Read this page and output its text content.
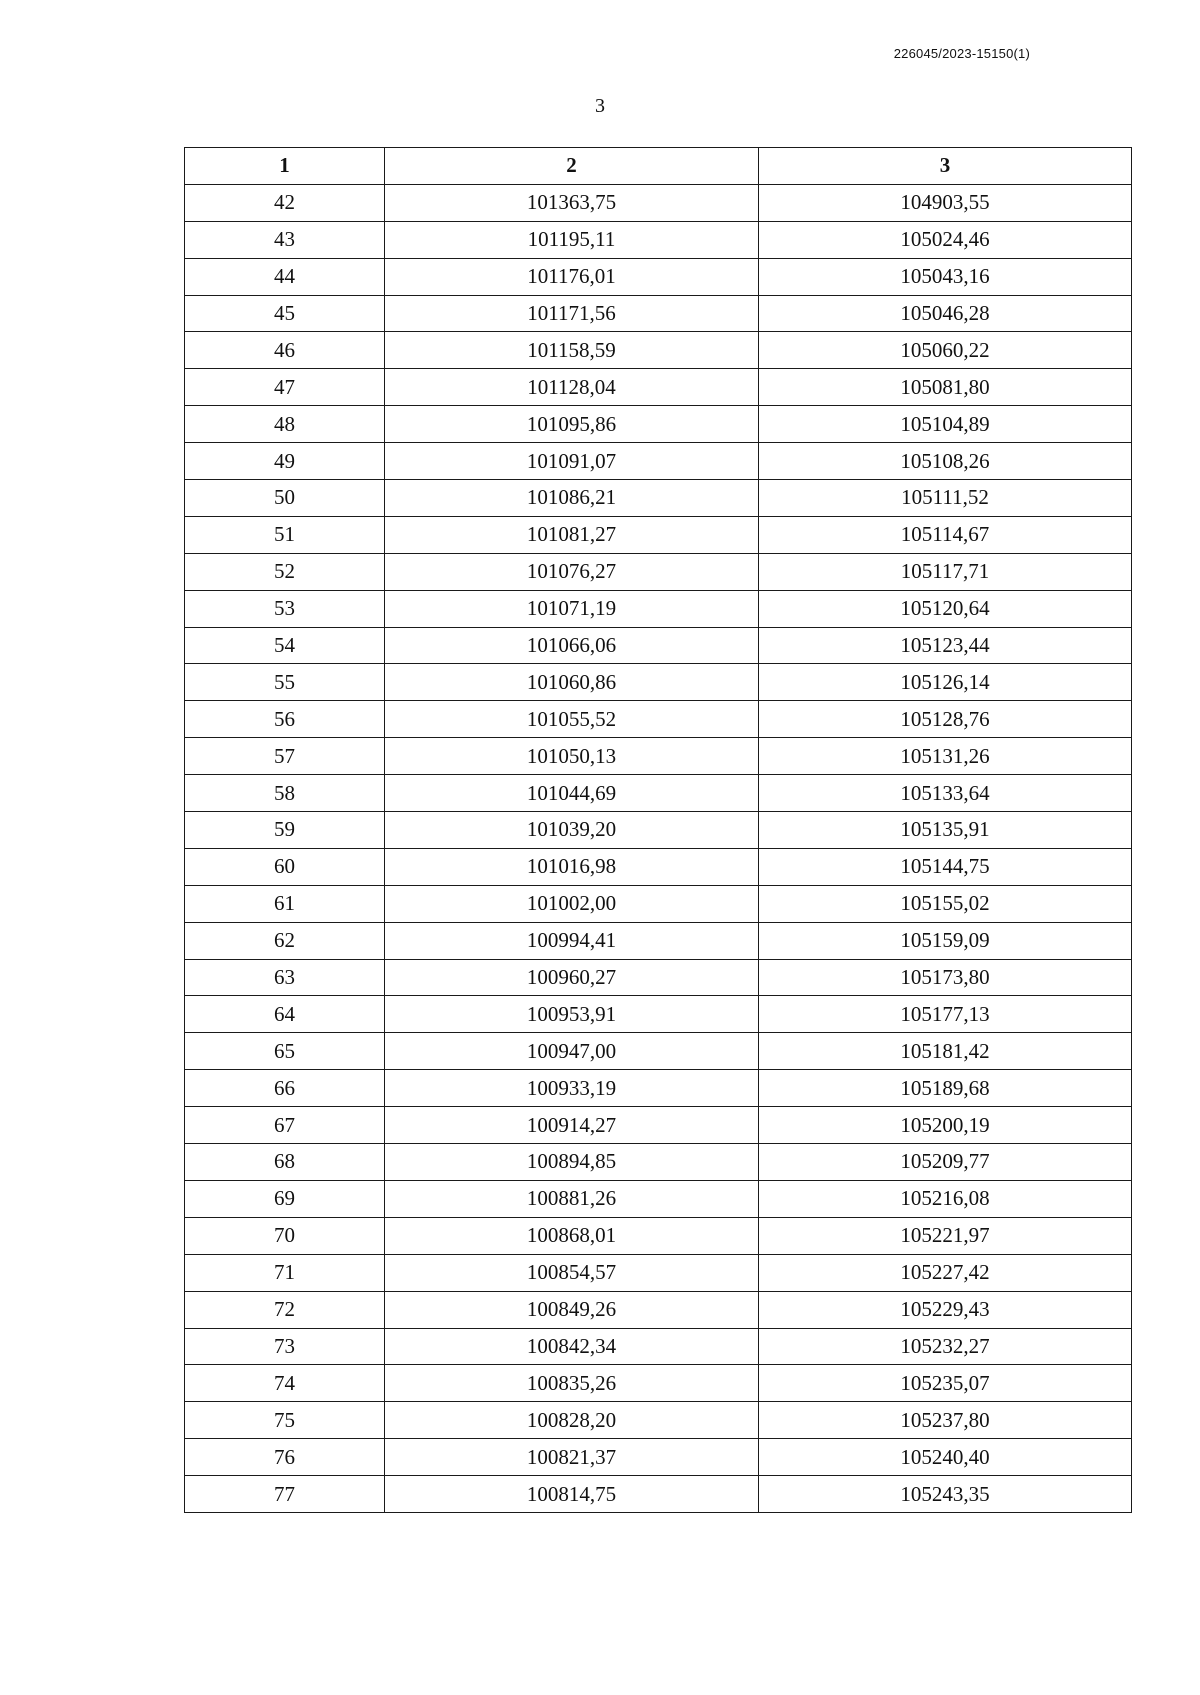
226045/2023-15150(1)
3
1	2	3
42	101363,75	104903,55
43	101195,11	105024,46
44	101176,01	105043,16
45	101171,56	105046,28
46	101158,59	105060,22
47	101128,04	105081,80
48	101095,86	105104,89
49	101091,07	105108,26
50	101086,21	105111,52
51	101081,27	105114,67
52	101076,27	105117,71
53	101071,19	105120,64
54	101066,06	105123,44
55	101060,86	105126,14
56	101055,52	105128,76
57	101050,13	105131,26
58	101044,69	105133,64
59	101039,20	105135,91
60	101016,98	105144,75
61	101002,00	105155,02
62	100994,41	105159,09
63	100960,27	105173,80
64	100953,91	105177,13
65	100947,00	105181,42
66	100933,19	105189,68
67	100914,27	105200,19
68	100894,85	105209,77
69	100881,26	105216,08
70	100868,01	105221,97
71	100854,57	105227,42
72	100849,26	105229,43
73	100842,34	105232,27
74	100835,26	105235,07
75	100828,20	105237,80
76	100821,37	105240,40
77	100814,75	105243,35
